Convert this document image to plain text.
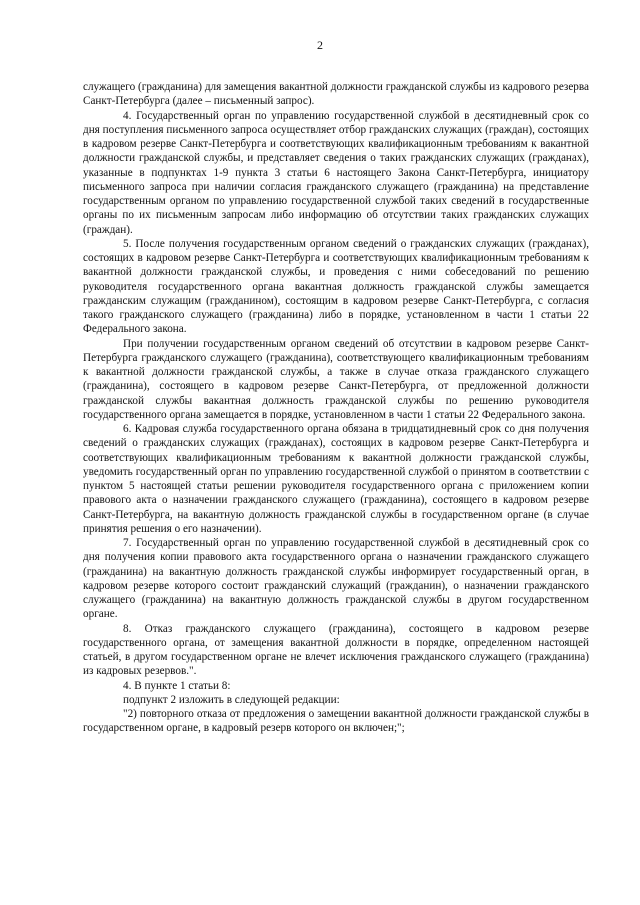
2

служащего (гражданина) для замещения вакантной должности гражданской службы из кадрового резерва Санкт-Петербурга (далее – письменный запрос).

4. Государственный орган по управлению государственной службой в десятидневный срок со дня поступления письменного запроса осуществляет отбор гражданских служащих (граждан), состоящих в кадровом резерве Санкт-Петербурга и соответствующих квалификационным требованиям к вакантной должности гражданской службы, и представляет сведения о таких гражданских служащих (гражданах), указанные в подпунктах 1-9 пункта 3 статьи 6 настоящего Закона Санкт-Петербурга, инициатору письменного запроса при наличии согласия гражданского служащего (гражданина) на представление государственным органом по управлению государственной службой таких сведений в государственные органы по их письменным запросам либо информацию об отсутствии таких гражданских служащих (граждан).

5. После получения государственным органом сведений о гражданских служащих (гражданах), состоящих в кадровом резерве Санкт-Петербурга и соответствующих квалификационным требованиям к вакантной должности гражданской службы, и проведения с ними собеседований по решению руководителя государственного органа вакантная должность гражданской службы замещается гражданским служащим (гражданином), состоящим в кадровом резерве Санкт-Петербурга, с согласия такого гражданского служащего (гражданина) либо в порядке, установленном в части 1 статьи 22 Федерального закона.

При получении государственным органом сведений об отсутствии в кадровом резерве Санкт-Петербурга гражданского служащего (гражданина), соответствующего квалификационным требованиям к вакантной должности гражданской службы, а также в случае отказа гражданского служащего (гражданина), состоящего в кадровом резерве Санкт-Петербурга, от предложенной должности гражданской службы вакантная должность гражданской службы по решению руководителя государственного органа замещается в порядке, установленном в части 1 статьи 22 Федерального закона.

6. Кадровая служба государственного органа обязана в тридцатидневный срок со дня получения сведений о гражданских служащих (гражданах), состоящих в кадровом резерве Санкт-Петербурга и соответствующих квалификационным требованиям к вакантной должности гражданской службы, уведомить государственный орган по управлению государственной службой о принятом в соответствии с пунктом 5 настоящей статьи решении руководителя государственного органа с приложением копии правового акта о назначении гражданского служащего (гражданина), состоящего в кадровом резерве Санкт-Петербурга, на вакантную должность гражданской службы в государственном органе (в случае принятия решения о его назначении).

7. Государственный орган по управлению государственной службой в десятидневный срок со дня получения копии правового акта государственного органа о назначении гражданского служащего (гражданина) на вакантную должность гражданской службы информирует государственный орган, в кадровом резерве которого состоит гражданский служащий (гражданин), о назначении гражданского служащего (гражданина) на вакантную должность гражданской службы в другом государственном органе.

8. Отказ гражданского служащего (гражданина), состоящего в кадровом резерве государственного органа, от замещения вакантной должности в порядке, определенном настоящей статьей, в другом государственном органе не влечет исключения гражданского служащего (гражданина) из кадровых резервов.".

4. В пункте 1 статьи 8:

подпункт 2 изложить в следующей редакции:

"2) повторного отказа от предложения о замещении вакантной должности гражданской службы в государственном органе, в кадровый резерв которого он включен;";
